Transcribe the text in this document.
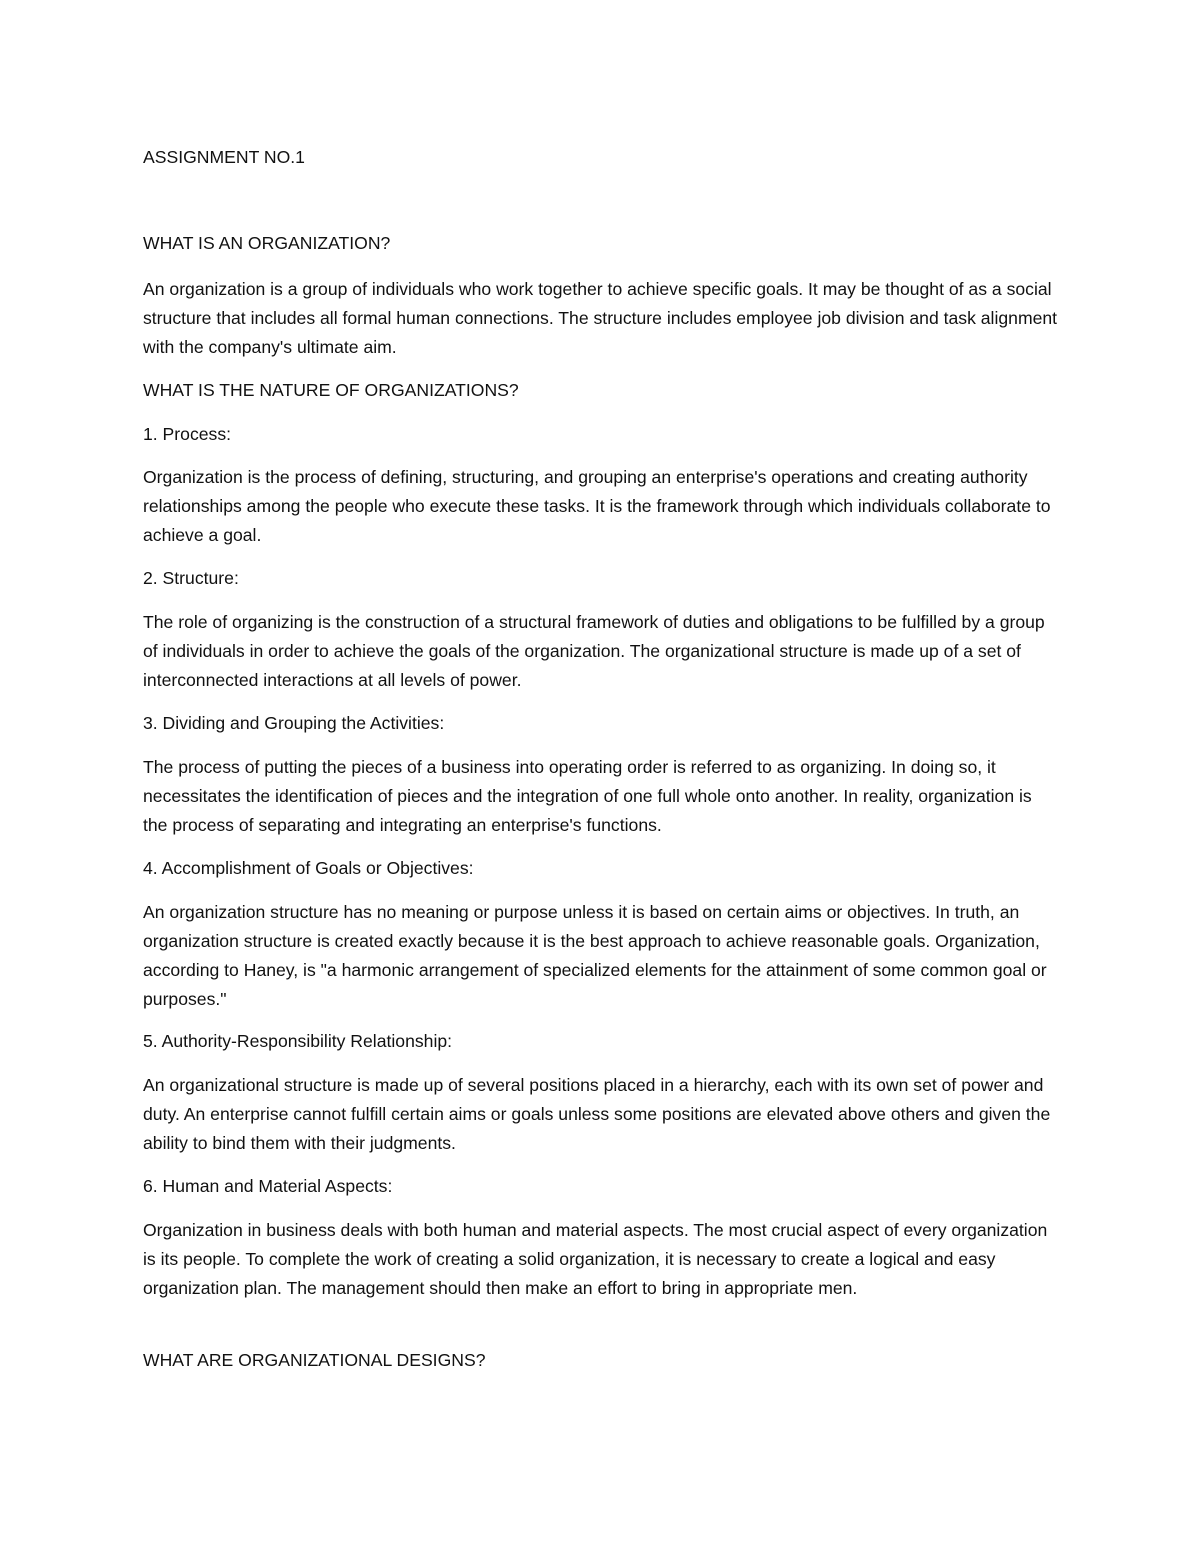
ASSIGNMENT NO.1

WHAT IS AN ORGANIZATION?

An organization is a group of individuals who work together to achieve specific goals. It may be thought of as a social structure that includes all formal human connections. The structure includes employee job division and task alignment with the company's ultimate aim.

WHAT IS THE NATURE OF ORGANIZATIONS?

1. Process:

Organization is the process of defining, structuring, and grouping an enterprise's operations and creating authority relationships among the people who execute these tasks. It is the framework through which individuals collaborate to achieve a goal.

2. Structure:

The role of organizing is the construction of a structural framework of duties and obligations to be fulfilled by a group of individuals in order to achieve the goals of the organization. The organizational structure is made up of a set of interconnected interactions at all levels of power.

3. Dividing and Grouping the Activities:

The process of putting the pieces of a business into operating order is referred to as organizing. In doing so, it necessitates the identification of pieces and the integration of one full whole onto another. In reality, organization is the process of separating and integrating an enterprise's functions.

4. Accomplishment of Goals or Objectives:

An organization structure has no meaning or purpose unless it is based on certain aims or objectives. In truth, an organization structure is created exactly because it is the best approach to achieve reasonable goals. Organization, according to Haney, is "a harmonic arrangement of specialized elements for the attainment of some common goal or purposes."

5. Authority-Responsibility Relationship:

An organizational structure is made up of several positions placed in a hierarchy, each with its own set of power and duty. An enterprise cannot fulfill certain aims or goals unless some positions are elevated above others and given the ability to bind them with their judgments.

6. Human and Material Aspects:

Organization in business deals with both human and material aspects. The most crucial aspect of every organization is its people. To complete the work of creating a solid organization, it is necessary to create a logical and easy organization plan. The management should then make an effort to bring in appropriate men.

WHAT ARE ORGANIZATIONAL DESIGNS?
